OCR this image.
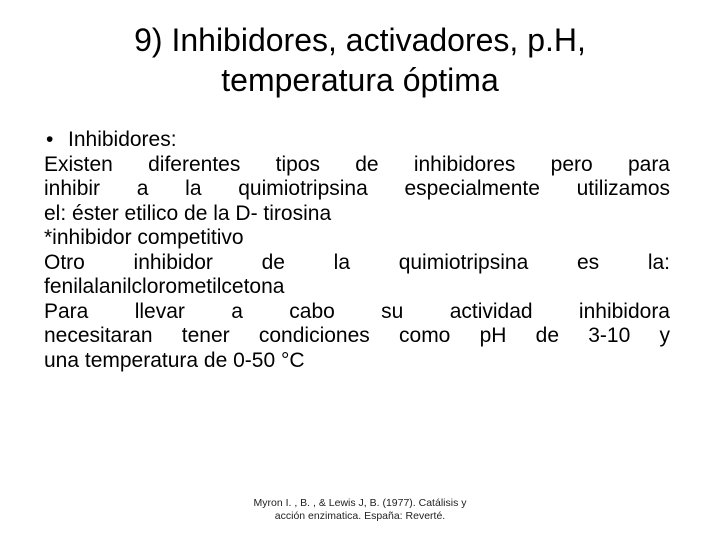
9) Inhibidores, activadores, p.H,
temperatura óptima
• Inhibidores:
Existen diferentes tipos de inhibidores pero para
inhibir a la quimiotripsina especialmente utilizamos
el: éster etilico de la D- tirosina
*inhibidor competitivo
Otro inhibidor de la quimiotripsina es la:
fenilalanilclorometilcetona
Para llevar a cabo su actividad inhibidora
necesitaran tener condiciones como pH de 3-10 y
una temperatura de 0-50 °C
Myron I. , B. , & Lewis J, B. (1977). Catálisis y
acción enzimatica. España: Reverté.
